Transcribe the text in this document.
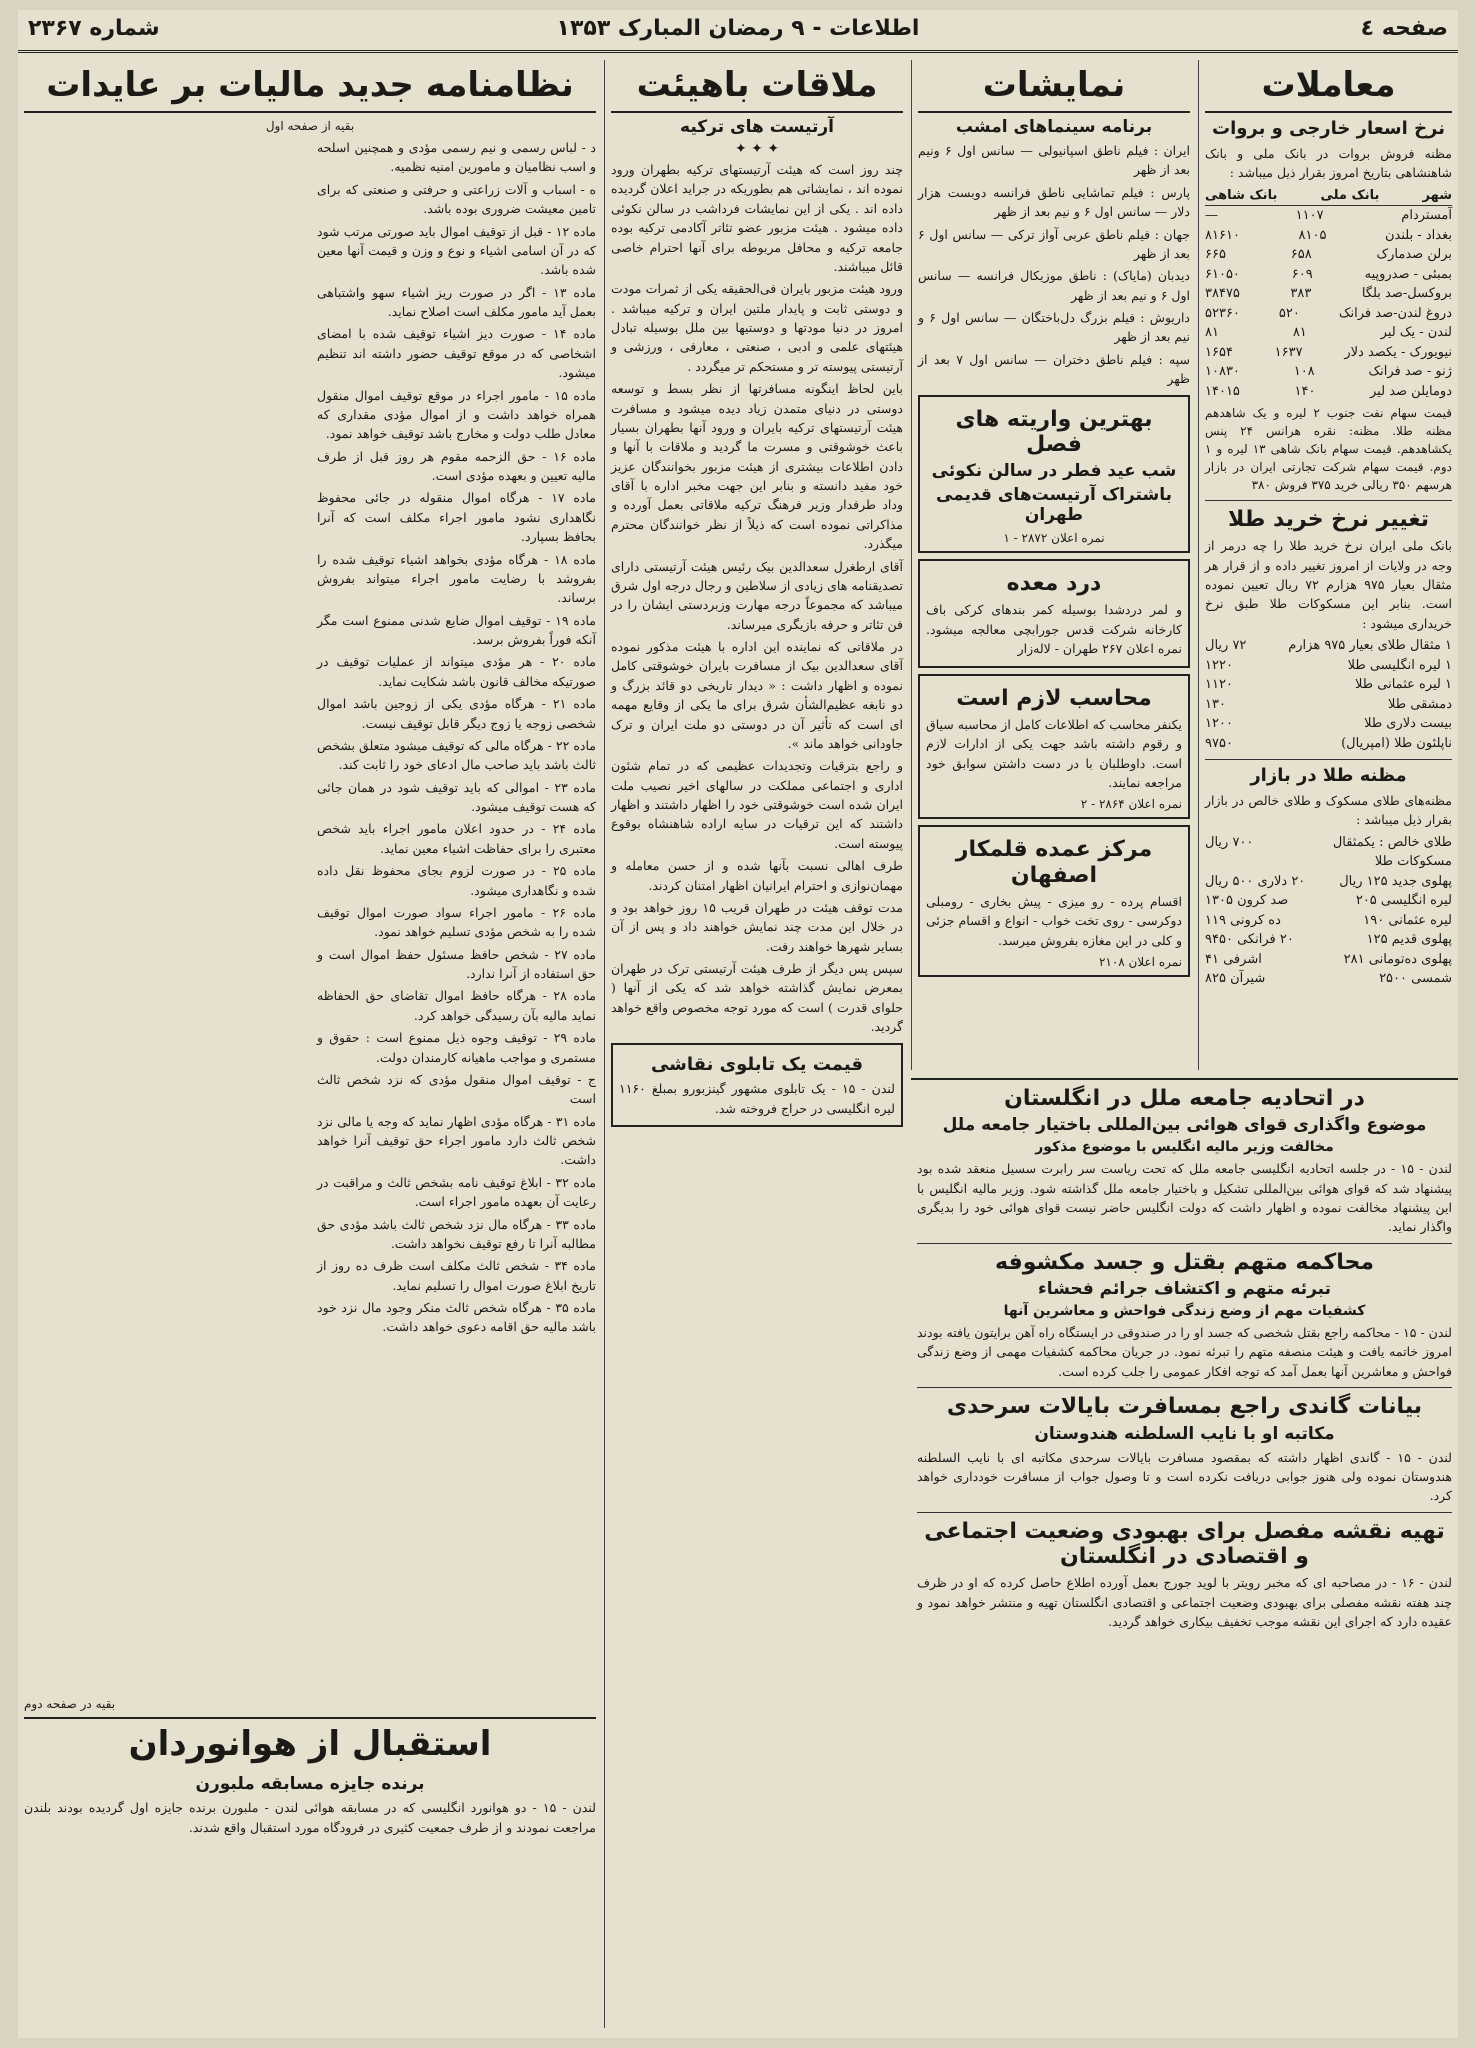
صفحه ٤
اطلاعات - ۹ رمضان المبارک ۱۳۵۳
شماره ۲۳۶۷
معاملات
نرخ اسعار خارجی و بروات
مظنه فروش بروات در بانک ملی و بانک شاهنشاهی بتاریخ امروز بقرار ذیل میباشد :
شهر
بانک ملی
بانک شاهی
آمستردام
۱۱۰۷
—
بغداد - بلندن
۸۱۰۵
۸۱۶۱۰
برلن صدمارک
۶۵۸
۶۶۵
بمبئی - صدروپیه
۶۰۹
۶۱۰۵۰
بروکسل-صد بلگا
۳۸۳
۳۸۴۷۵
دروغ لندن-صد فرانک
۵۲۰
۵۲۳۶۰
لندن - یک لیر
۸۱
۸۱
نیویورک - یکصد دلار
۱۶۳۷
۱۶۵۴
ژنو - صد فرانک
۱۰۸
۱۰۸۳۰
دومایلن صد لیر
۱۴۰
۱۴۰۱۵
قیمت سهام نفت جنوب ۲ لیره و یک شاهدهم مظنه طلا. مظنه: نقره هرانس ۲۴ پنس یکشاهدهم. قیمت سهام بانک شاهی ۱۳ لیره و ۱ دوم. قیمت سهام شرکت تجارتی ایران در بازار هرسهم ۳۵۰ ریالی خرید ۳۷۵ فروش ۳۸۰
تغییر نرخ خرید طلا
بانک ملی ایران نرخ خرید طلا را چه درمر از وجه در ولایات از امروز تغییر داده و از قرار هر مثقال بعیار ۹۷۵ هزارم ۷۲ ریال تعیین نموده است. بنابر این مسکوکات طلا طبق نرخ خریداری میشود :
۱ مثقال طلای بعیار ۹۷۵ هزارم
۷۲ ریال
۱ لیره انگلیسی طلا
۱۲۲۰
۱ لیره عثمانی طلا
۱۱۲۰
دمشقی طلا
۱۳۰
بیست دلاری طلا
۱۲۰۰
ناپلئون طلا (امپریال)
۹۷۵۰
مظنه طلا در بازار
مظنه‌های طلای مسکوک و طلای خالص در بازار بقرار ذیل میباشد :
طلای خالص : یکمثقال
۷۰۰ ریال
مسکوکات طلا
پهلوی جدید ۱۲۵ ریال
۲۰ دلاری ۵۰۰ ریال
لیره انگلیسی ۲۰۵
صد کرون ۱۳۰۵
لیره عثمانی ۱۹۰
ده کرونی ۱۱۹
پهلوی قدیم ۱۲۵
۲۰ فرانکی ۹۴۵۰
پهلوی ده‌تومانی ۲۸۱
اشرفی ۴۱
شمسی ۲۵۰۰
شیرآن ۸۲۵
نمایشات
برنامه سینماهای امشب
ایران : فیلم ناطق اسپانیولی — سانس اول ۶ ونیم بعد از ظهر
پارس : فیلم تماشایی ناطق فرانسه دو‌بست هزار دلار — سانس اول ۶ و نیم بعد از ظهر
جهان : فیلم ناطق عربی آواز ترکی — سانس اول ۶ بعد از ظهر
دیدبان (مایاک) : ناطق موزیکال فرانسه — سانس اول ۶ و نیم بعد از ظهر
داریوش : فیلم بزرگ دل‌باختگان — سانس اول ۶ و نیم بعد از ظهر
سپه : فیلم ناطق دختران — سانس اول ۷ بعد از ظهر
بهترین واریته های فصل
شب عید فطر در سالن نکوئی
باشتراک آرتیست‌های قدیمی طهران
نمره اعلان ۲۸۷۲ - ۱
درد معده
و لمر دردشدا بوسیله کمر بندهای کرکی باف کارخانه شرکت قدس جورابچی معالجه میشود. نمره اعلان ۲۶۷ طهران - لاله‌زار
محاسب لازم است
یکنفر محاسب که اطلاعات کامل از محاسبه سیاق و رقوم داشته باشد جهت یکی از ادارات لازم است. داوطلبان با در دست داشتن سوابق خود مراجعه نمایند.
نمره اعلان ۲۸۶۴ - ۲
مرکز عمده قلمکار اصفهان
اقسام پرده - رو میزی - پیش بخاری - رومبلی دوکرسی - روی تخت خواب - انواع و اقسام جزئی و کلی در این مغازه بفروش میرسد.
نمره اعلان ۲۱۰۸
در اتحادیه جامعه ملل در انگلستان
موضوع واگذاری قوای هوائی بین‌المللی باختیار جامعه ملل
مخالفت وزیر مالیه انگلیس با موضوع مذکور
لندن - ۱۵ - در جلسه اتحادیه انگلیسی جامعه ملل که تحت ریاست سر رابرت سسیل منعقد شده بود پیشنهاد شد که قوای هوائی بین‌المللی تشکیل و باختیار جامعه ملل گذاشته شود. وزیر مالیه انگلیس با این پیشنهاد مخالفت نموده و اظهار داشت که دولت انگلیس حاضر نیست قوای هوائی خود را بدیگری واگذار نماید.
محاکمه متهم بقتل و جسد مکشوفه
تبرئه متهم و اکتشاف جرائم فحشاء
کشفیات مهم از وضع زندگی فواحش و معاشرین آنها
لندن - ۱۵ - محاکمه راجع بقتل شخصی که جسد او را در صندوقی در ایستگاه راه آهن برایتون یافته بودند امروز خاتمه یافت و هیئت منصفه متهم را تبرئه نمود. در جریان محاکمه کشفیات مهمی از وضع زندگی فواحش و معاشرین آنها بعمل آمد که توجه افکار عمومی را جلب کرده است.
بیانات گاندی راجع بمسافرت بایالات سرحدی
مکاتبه او با نایب السلطنه هندوستان
لندن - ۱۵ - گاندی اظهار داشته که بمقصود مسافرت بایالات سرحدی مکاتبه ای با نایب السلطنه هندوستان نموده ولی هنوز جوابی دریافت نکرده است و تا وصول جواب از مسافرت خودداری خواهد کرد.
تهیه نقشه مفصل برای بهبودی وضعیت اجتماعی و اقتصادی در انگلستان
لندن - ۱۶ - در مصاحبه ای که مخبر رویتر با لوید جورج بعمل آورده اطلاع حاصل کرده که او در ظرف چند هفته نقشه مفصلی برای بهبودی وضعیت اجتماعی و اقتصادی انگلستان تهیه و منتشر خواهد نمود و عقیده دارد که اجرای این نقشه موجب تخفیف بیکاری خواهد گردید.
ملاقات باهیئت
آرتیست های ترکیه
✦ ✦ ✦
چند روز است که هیئت آرتیستهای ترکیه بطهران ورود نموده اند ، نمایشاتی هم بطوریکه در جراید اعلان گردیده داده اند . یکی از این نمایشات فرداشب در سالن نکوئی داده میشود . هیئت مزبور عضو تئاتر آکادمی ترکیه بوده جامعه ترکیه و محافل مربوطه برای آنها احترام خاصی قائل میباشند.
ورود هیئت مزبور بایران فی‌الحقیقه یکی از ثمرات مودت و دوستی ثابت و پایدار ملتین ایران و ترکیه میباشد . امروز در دنیا مودتها و دوستیها بین ملل بوسیله تبادل هیئتهای علمی و ادبی ، صنعتی ، معارفی ، ورزشی و آرتیستی پیوسته تر و مستحکم تر میگردد .
باین لحاظ اینگونه مسافرتها از نظر بسط و توسعه دوستی در دنیای متمدن زیاد دیده میشود و مسافرت هیئت آرتیستهای ترکیه بایران و ورود آنها بطهران بسیار باعث خوشوقتی و مسرت ما گردید و ملاقات با آنها و دادن اطلاعات بیشتری از هیئت مزبور بخوانندگان عزیز خود مفید دانسته و بنابر این جهت مخبر اداره با آقای وداد طرفدار وزیر فرهنگ ترکیه ملاقاتی بعمل آورده و مذاکراتی نموده است که ذیلاً از نظر خوانندگان محترم میگذرد.
آقای ارطغرل سعدالدین بیک رئیس هیئت آرتیستی دارای تصدیقنامه های زیادی از سلاطین و رجال درجه اول شرق میباشد که مجموعاً درجه مهارت وزبردستی ایشان را در فن تئاتر و حرفه بازیگری میرساند.
در ملاقاتی که نماینده این اداره با هیئت مذکور نموده آقای سعدالدین بیک از مسافرت بایران خوشوقتی کامل نموده و اظهار داشت : « دیدار تاریخی دو قائد بزرگ و دو نابغه عظیم‌الشأن شرق برای ما یکی از وقایع مهمه ای است که تأثیر آن در دوستی دو ملت ایران و ترک جاودانی خواهد ماند ».
و راجع بترقیات وتجدیدات عظیمی که در تمام شئون اداری و اجتماعی مملکت در سالهای اخیر نصیب ملت ایران شده است خوشوقتی خود را اظهار داشتند و اظهار داشتند که این ترقیات در سایه اراده شاهنشاه بوقوع پیوسته است.
طرف اهالی نسبت بآنها شده و از حسن معامله و مهمان‌نوازی و احترام ایرانیان اظهار امتنان کردند.
مدت توقف هیئت در طهران قریب ۱۵ روز خواهد بود و در خلال این مدت چند نمایش خواهند داد و پس از آن بسایر شهرها خواهند رفت.
سپس پس دیگر از طرف هیئت آرتیستی ترک در طهران بمعرض نمایش گذاشته خواهد شد که یکی از آنها ( حلوای قدرت ) است که مورد توجه مخصوص واقع خواهد گردید.
قیمت یک تابلوی نقاشی
لندن - ۱۵ - یک تابلوی مشهور گینزبورو بمبلغ ۱۱۶۰ لیره انگلیسی در حراج فروخته شد.
نظامنامه جدید مالیات بر عایدات
بقیه از صفحه اول
د - لباس رسمی و نیم رسمی مؤدی و همچنین اسلحه و اسب نظامیان و مامورین امنیه نظمیه.
ه - اسباب و آلات زراعتی و حرفتی و صنعتی که برای تامین معیشت ضروری بوده باشد.
ماده ۱۲ - قبل از توقیف اموال باید صورتی مرتب شود که در آن اسامی اشیاء و نوع و وزن و قیمت آنها معین شده باشد.
ماده ۱۳ - اگر در صورت ریز اشیاء سهو واشتباهی بعمل آید مامور مکلف است اصلاح نماید.
ماده ۱۴ - صورت دیز اشیاء توقیف شده با امضای اشخاصی که در موقع توقیف حضور داشته اند تنظیم میشود.
ماده ۱۵ - مامور اجراء در موقع توقیف اموال منقول همراه خواهد داشت و از اموال مؤدی مقداری که معادل طلب دولت و مخارج باشد توقیف خواهد نمود.
ماده ۱۶ - حق الزحمه مقوم هر روز قبل از طرف مالیه تعیین و بعهده مؤدی است.
ماده ۱۷ - هرگاه اموال منقوله در جائی محفوظ نگاهداری نشود مامور اجراء مکلف است که آنرا بحافظ بسپارد.
ماده ۱۸ - هرگاه مؤدی بخواهد اشیاء توقیف شده را بفروشد با رضایت مامور اجراء میتواند بفروش برساند.
ماده ۱۹ - توقیف اموال ضایع شدنی ممنوع است مگر آنکه فوراً بفروش برسد.
ماده ۲۰ - هر مؤدی میتواند از عملیات توقیف در صورتیکه مخالف قانون باشد شکایت نماید.
ماده ۲۱ - هرگاه مؤدی یکی از زوجین باشد اموال شخصی زوجه یا زوج دیگر قابل توقیف نیست.
ماده ۲۲ - هرگاه مالی که توقیف میشود متعلق بشخص ثالث باشد باید صاحب مال ادعای خود را ثابت کند.
ماده ۲۳ - اموالی که باید توقیف شود در همان جائی که هست توقیف میشود.
ماده ۲۴ - در حدود اعلان مامور اجراء باید شخص معتبری را برای حفاظت اشیاء معین نماید.
ماده ۲۵ - در صورت لزوم بجای محفوظ نقل داده شده و نگاهداری میشود.
ماده ۲۶ - مامور اجراء سواد صورت اموال توقیف شده را به شخص مؤدی تسلیم خواهد نمود.
ماده ۲۷ - شخص حافظ مسئول حفظ اموال است و حق استفاده از آنرا ندارد.
ماده ۲۸ - هرگاه حافظ اموال تقاضای حق الحفاظه نماید مالیه بآن رسیدگی خواهد کرد.
ماده ۲۹ - توقیف وجوه ذیل ممنوع است : حقوق و مستمری و مواجب ماهیانه کارمندان دولت.
ج - توقیف اموال منقول مؤدی که نزد شخص ثالث است
ماده ۳۱ - هرگاه مؤدی اظهار نماید که وجه یا مالی نزد شخص ثالث دارد مامور اجراء حق توقیف آنرا خواهد داشت.
ماده ۳۲ - ابلاغ توقیف نامه بشخص ثالث و مراقبت در رعایت آن بعهده مامور اجراء است.
ماده ۳۳ - هرگاه مال نزد شخص ثالث باشد مؤدی حق مطالبه آنرا تا رفع توقیف نخواهد داشت.
ماده ۳۴ - شخص ثالث مکلف است ظرف ده روز از تاریخ ابلاغ صورت اموال را تسلیم نماید.
ماده ۳۵ - هرگاه شخص ثالث منکر وجود مال نزد خود باشد مالیه حق اقامه دعوی خواهد داشت.
بقیه در صفحه دوم
استقبال از هوانوردان
برنده جایزه مسابقه ملبورن
لندن - ۱۵ - دو هوانورد انگلیسی که در مسابقه هوائی لندن - ملبورن برنده جایزه اول گردیده بودند بلندن مراجعت نمودند و از طرف جمعیت کثیری در فرودگاه مورد استقبال واقع شدند.
